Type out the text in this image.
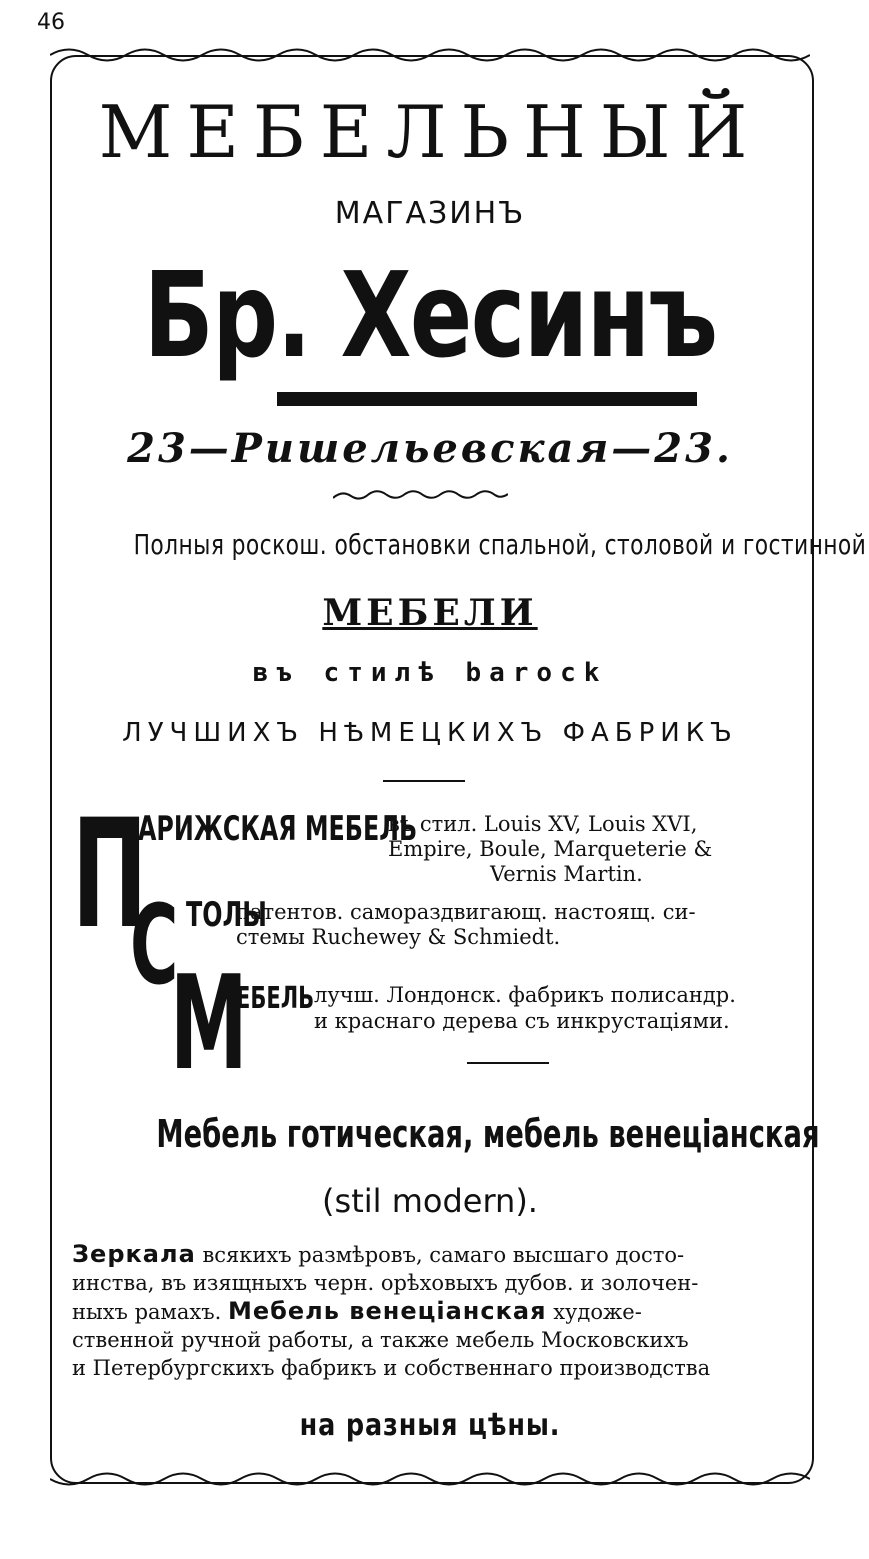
46
МЕБЕЛЬНЫЙ
МАГАЗИНЪ
Бр. Хесинъ
23—Ришельевская—23.
Полныя роскош. обстановки спальной, столовой и гостинной
МЕБЕЛИ
въ стилѣ barock
ЛУЧШИХЪ НѢМЕЦКИХЪ ФАБРИКЪ
П
АРИЖСКАЯ МЕБЕЛЬ
въ стил. Louis XV, Louis XVI,
Empire, Boule, Marqueterie &
Vernis Martin.
С ТОЛЫ
патентов. самораздвигающ. настоящ. си-
стемы Ruchewey & Schmiedt.
М
ЕБЕЛЬ лучш. Лондонск. фабрикъ полисандр.
и краснаго дерева съ инкрустаціями.
Мебель готическая, мебель венеціанская
(stil modern).

Зеркала всякихъ размѣровъ, самаго высшаго досто-

инства, въ изящныхъ черн. орѣховыхъ дубов. и золочен-

ныхъ рамахъ. Мебель венеціанская художе-

ственной ручной работы, а также мебель Московскихъ

и Петербургскихъ фабрикъ и собственнаго производства

на разныя цѣны.
